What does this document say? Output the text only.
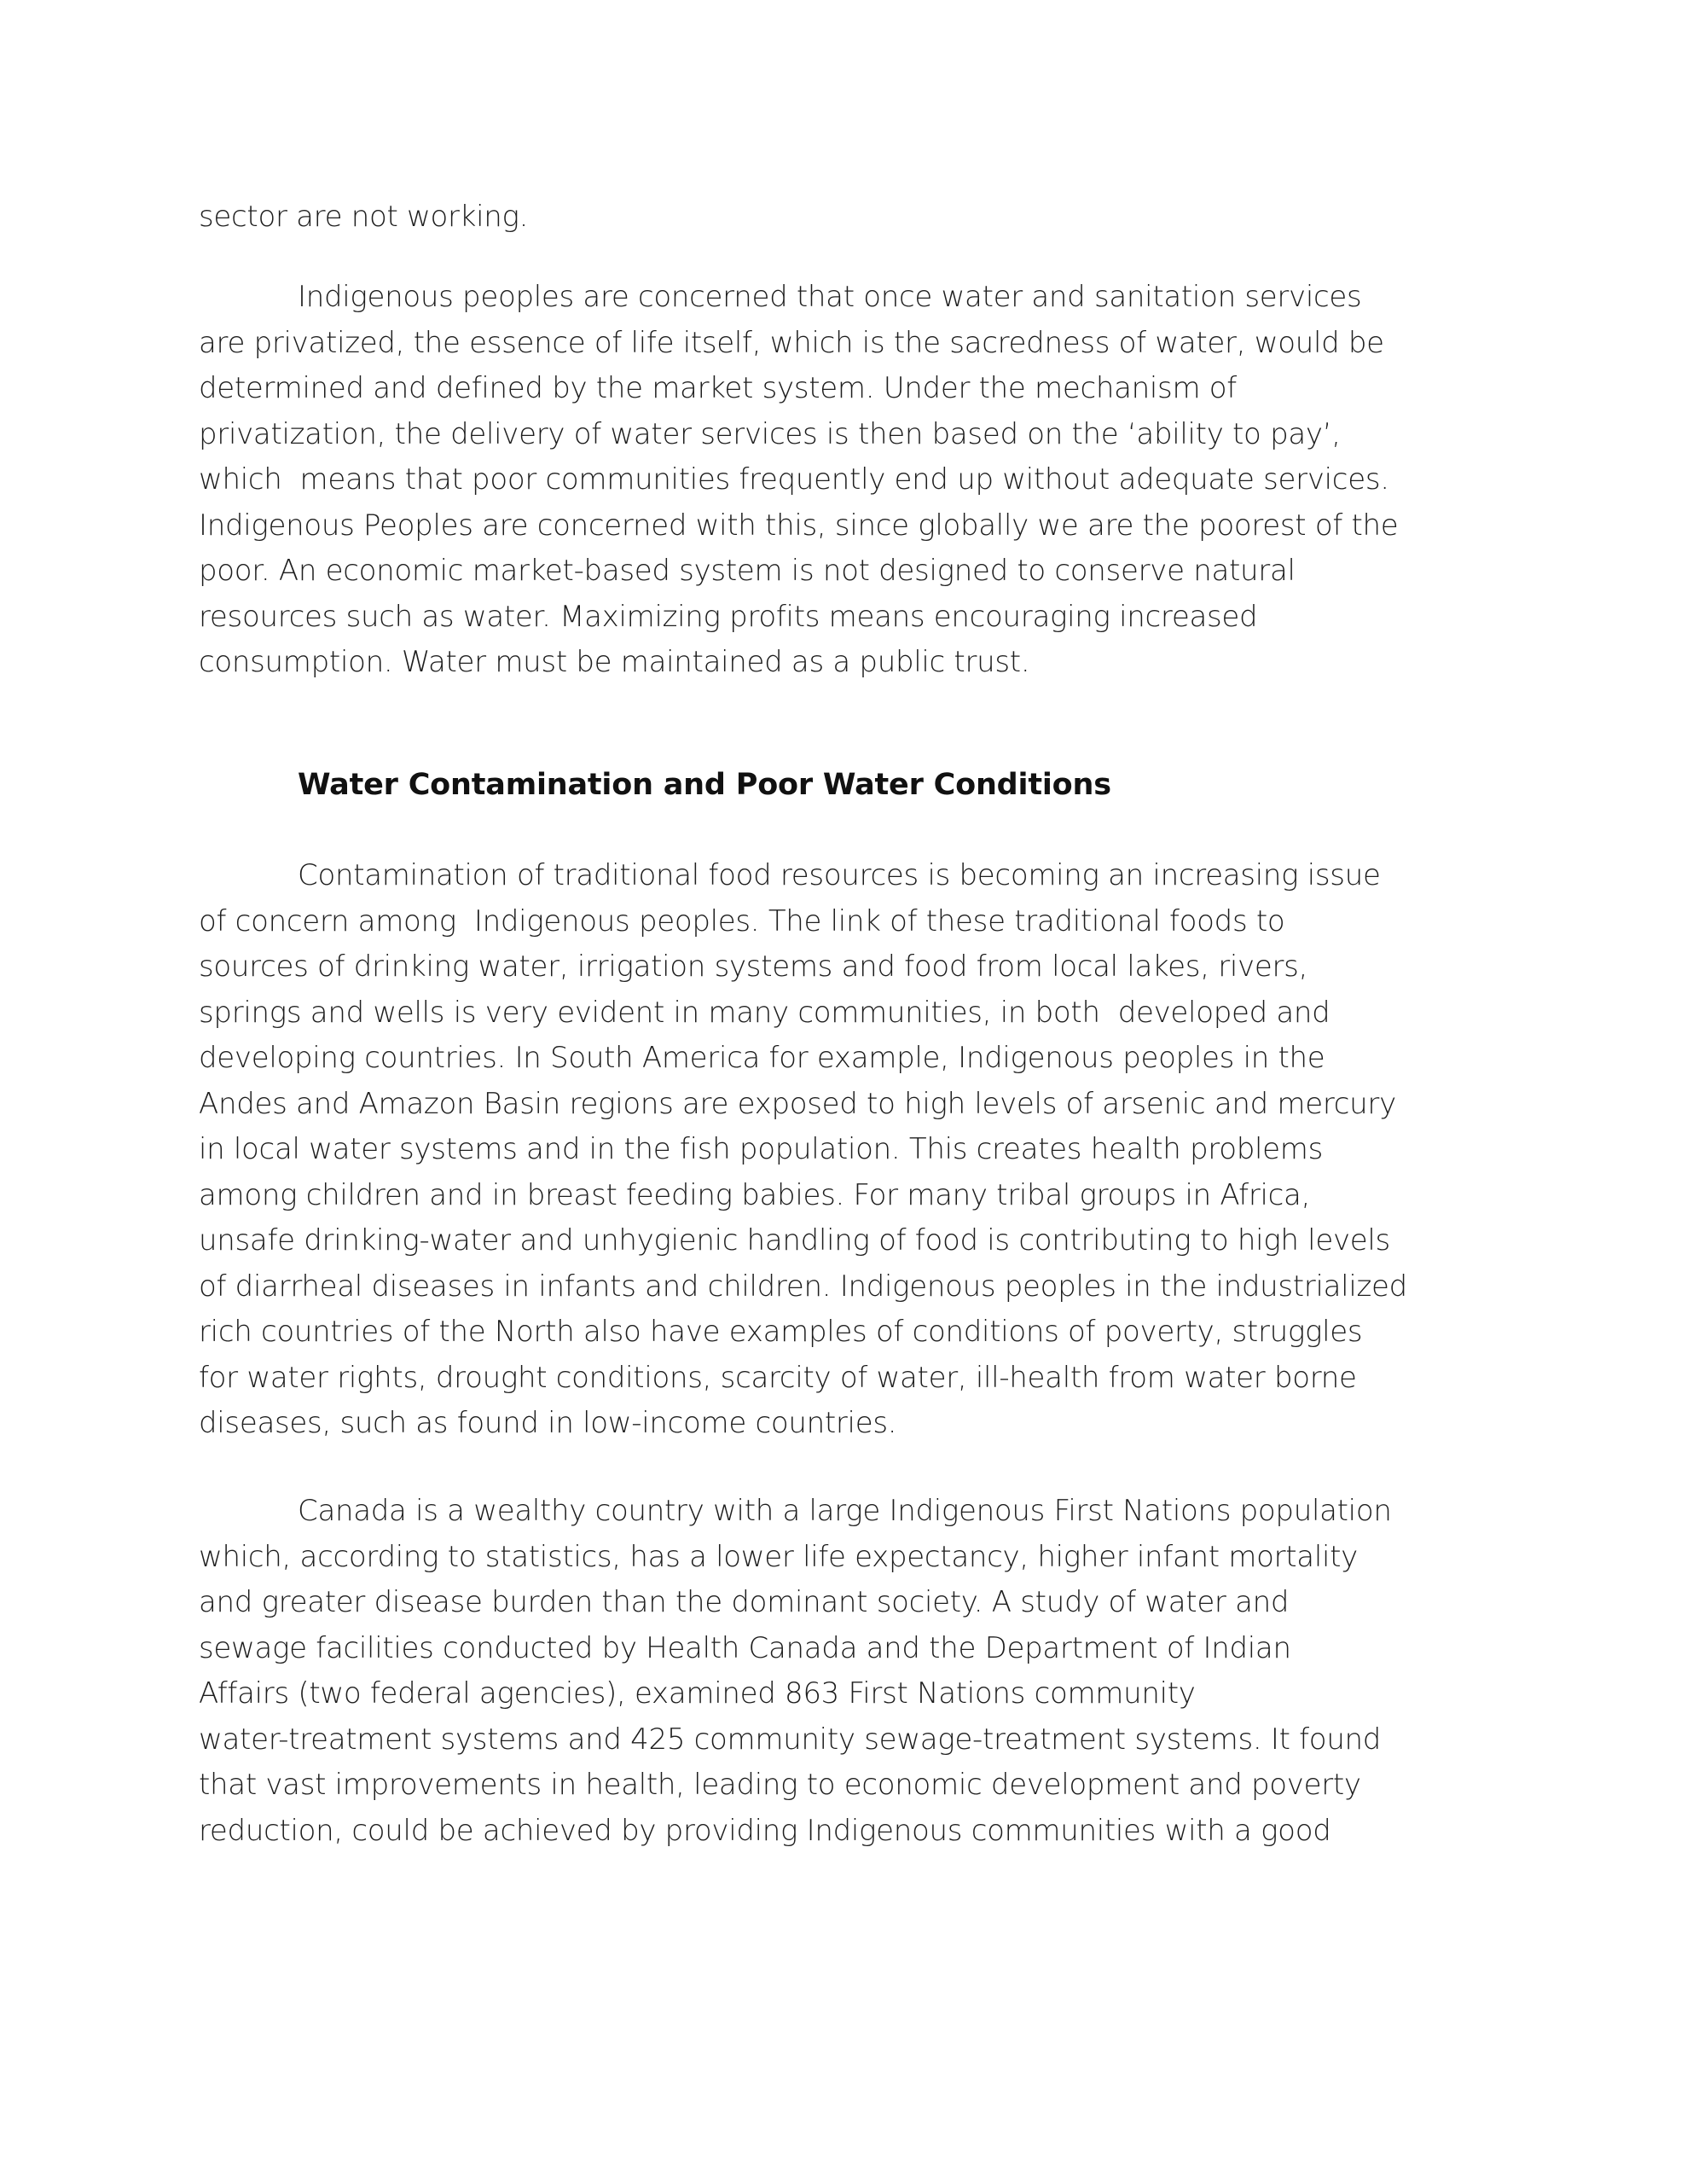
sector are not working.

Indigenous peoples are concerned that once water and sanitation services
are privatized, the essence of life itself, which is the sacredness of water, would be
determined and defined by the market system. Under the mechanism of
privatization, the delivery of water services is then based on the ‘ability to pay’,
which  means that poor communities frequently end up without adequate services.
Indigenous Peoples are concerned with this, since globally we are the poorest of the
poor. An economic market-based system is not designed to conserve natural
resources such as water. Maximizing profits means encouraging increased
consumption. Water must be maintained as a public trust.

Water Contamination and Poor Water Conditions

Contamination of traditional food resources is becoming an increasing issue
of concern among  Indigenous peoples. The link of these traditional foods to
sources of drinking water, irrigation systems and food from local lakes, rivers,
springs and wells is very evident in many communities, in both  developed and
developing countries. In South America for example, Indigenous peoples in the
Andes and Amazon Basin regions are exposed to high levels of arsenic and mercury
in local water systems and in the fish population. This creates health problems
among children and in breast feeding babies. For many tribal groups in Africa,
unsafe drinking-water and unhygienic handling of food is contributing to high levels
of diarrheal diseases in infants and children. Indigenous peoples in the industrialized
rich countries of the North also have examples of conditions of poverty, struggles
for water rights, drought conditions, scarcity of water, ill-health from water borne
diseases, such as found in low-income countries.

Canada is a wealthy country with a large Indigenous First Nations population
which, according to statistics, has a lower life expectancy, higher infant mortality
and greater disease burden than the dominant society. A study of water and
sewage facilities conducted by Health Canada and the Department of Indian
Affairs (two federal agencies), examined 863 First Nations community
water-treatment systems and 425 community sewage-treatment systems. It found
that vast improvements in health, leading to economic development and poverty
reduction, could be achieved by providing Indigenous communities with a good
